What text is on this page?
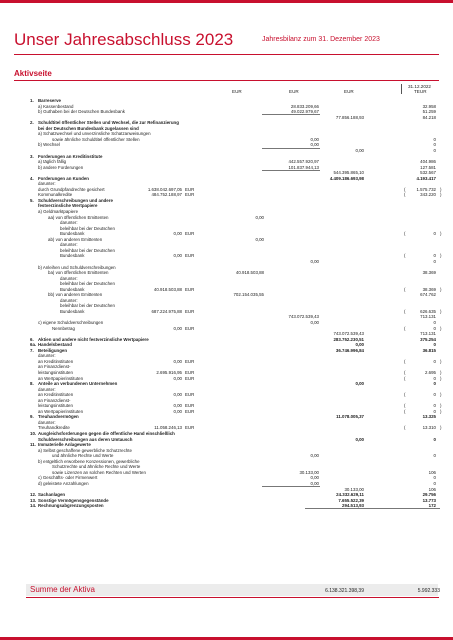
Unser Jahresabschluss 2023	Jahresbilanz zum 31. Dezember 2023
Aktivseite
31.12.2022
EUR	EUR	EUR	TEUR
1. Barreserve
a) Kassenbestand	28.833.209,66	32.958
b) Guthaben bei der Deutschen Bundesbank	49.022.979,67	51.259
77.856.188,93	84.218
2. Schuldtitel öffentlicher Stellen und Wechsel, die zur Refinanzierung
bei der Deutschen Bundesbank zugelassen sind
a) Schatzwechsel und unverzinsliche Schatzanweisungen
sowie ähnliche Schuldtitel öffentlicher Stellen	0,00	0
b) Wechsel	0,00	0
0,00	0
3. Forderungen an Kreditinstitute
a) täglich fällig	442.557.920,97	404.986
b) andere Forderungen	101.837.944,13	127.581
544.395.865,10	532.567
4. Forderungen an Kunden	4.409.186.693,98	4.193.417
darunter:
durch Grundpfandrechte gesichert	1.638.042.697,05 EUR	1.575.732
(	)
Kommunalkredite	484.752.188,97 EUR	343.220
(	)
5. Schuldverschreibungen und andere
festverzinsliche Wertpapiere
a) Geldmarktpapiere
aa) von öffentlichen Emittenten	0,00
darunter:
beleihbar bei der Deutschen
Bundesbank	0,00 EUR	0
(	)
ab) von anderen Emittenten	0,00
darunter:
beleihbar bei der Deutschen
Bundesbank	0,00 EUR	0
(	)
0,00	0
b) Anleihen und Schuldverschreibungen
ba) von öffentlichen Emittenten	40.918.503,88	38.369
darunter:
beleihbar bei der Deutschen
Bundesbank	40.918.503,88 EUR	38.369
(	)
bb) von anderen Emittenten	702.154.035,55	674.762
darunter:
beleihbar bei der Deutschen
Bundesbank	687.224.975,88 EUR	626.635
(	)
743.072.539,43	713.131
c) eigene Schuldverschreibungen	0,00	0
Nennbetrag	0,00 EUR	0
(	)
743.072.539,43	713.131
6. Aktien und andere nicht festverzinsliche Wertpapiere	283.752.230,51	375.254
6a. Handelsbestand	0,00	0
7. Beteiligungen	36.746.996,84	36.815
darunter:
an Kreditinstituten	0,00 EUR	0
(	)
an Finanzdienst-
leistungsinstituten	2.695.916,95 EUR	2.695
(	)
an Wertpapierinstituten	0,00 EUR	0
(	)
8. Anteile an verbundenen Unternehmen	0,00	0
darunter:
an Kreditinstituten	0,00 EUR	0
(	)
an Finanzdienst-
leistungsinstituten	0,00 EUR	0
(	)
an Wertpapierinstituten	0,00 EUR	0
(	)
9. Treuhandvermögen	11.078.005,37	13.325
darunter:
Treuhandkredite	11.058.246,13 EUR	13.310
(	)
10. Ausgleichsforderungen gegen die öffentliche Hand einschließlich
Schuldverschreibungen aus deren Umtausch	0,00	0
11. Immaterielle Anlagewerte
a) Selbst geschaffene gewerbliche Schutzrechte
und ähnliche Rechte und Werte	0,00	0
b) entgeltlich erworbene Konzessionen, gewerbliche
Schutzrechte und ähnliche Rechte und Werte
sowie Lizenzen an solchen Rechten und Werten	30.133,00	106
c) Geschäfts- oder Firmenwert	0,00	0
d) geleistete Anzahlungen	0,00	0
30.133,00	106
12. Sachanlagen	24.332.629,11	29.756
13. Sonstige Vermögensgegenstände	7.655.522,39	13.773
14. Rechnungsabgrenzungsposten	294.513,93	172
Summe der Aktiva	6.138.321.398,39	5.992.333
